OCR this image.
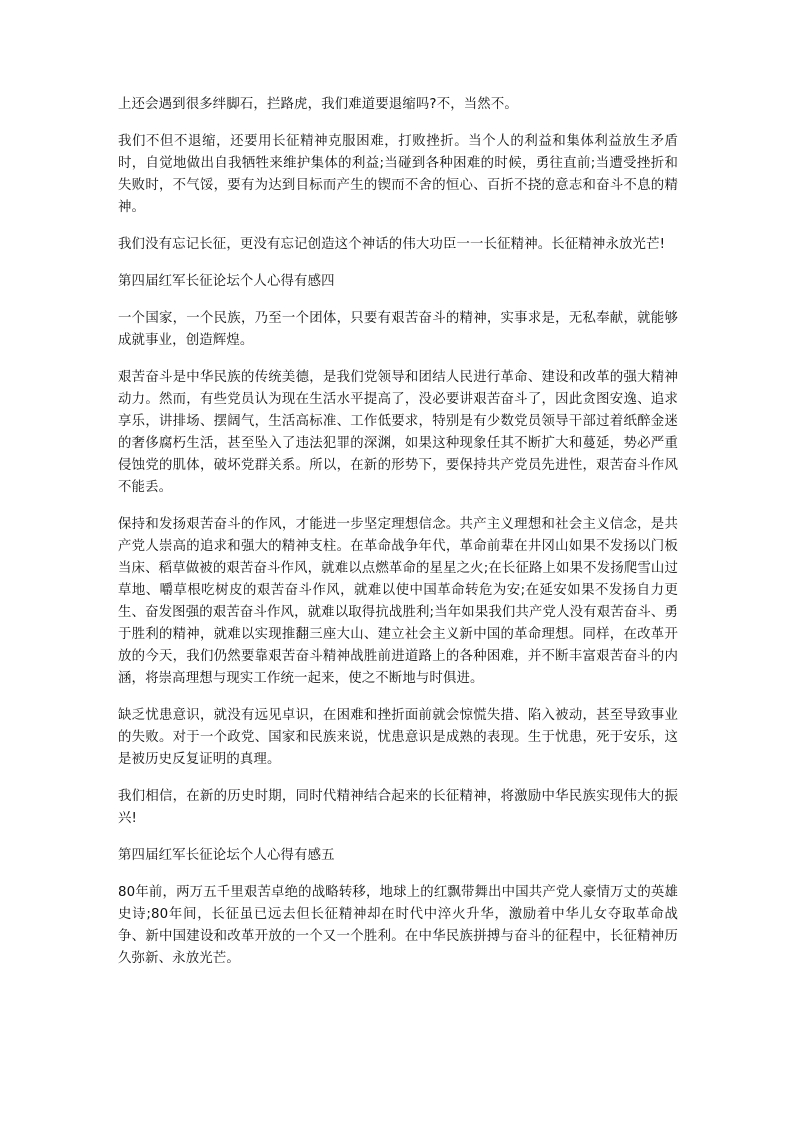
上还会遇到很多绊脚石，拦路虎，我们难道要退缩吗?不，当然不。

我们不但不退缩，还要用长征精神克服困难，打败挫折。当个人的利益和集体利益放生矛盾时，自觉地做出自我牺牲来维护集体的利益;当碰到各种困难的时候，勇往直前;当遭受挫折和失败时，不气馁，要有为达到目标而产生的锲而不舍的恒心、百折不挠的意志和奋斗不息的精神。

我们没有忘记长征，更没有忘记创造这个神话的伟大功臣一一长征精神。长征精神永放光芒!

第四届红军长征论坛个人心得有感四

一个国家，一个民族，乃至一个团体，只要有艰苦奋斗的精神，实事求是，无私奉献，就能够成就事业，创造辉煌。

艰苦奋斗是中华民族的传统美德，是我们党领导和团结人民进行革命、建设和改革的强大精神动力。然而，有些党员认为现在生活水平提高了，没必要讲艰苦奋斗了，因此贪图安逸、追求享乐，讲排场、摆阔气，生活高标准、工作低要求，特别是有少数党员领导干部过着纸醉金迷的奢侈腐朽生活，甚至坠入了违法犯罪的深渊，如果这种现象任其不断扩大和蔓延，势必严重侵蚀党的肌体，破坏党群关系。所以，在新的形势下，要保持共产党员先进性，艰苦奋斗作风不能丢。

保持和发扬艰苦奋斗的作风，才能进一步坚定理想信念。共产主义理想和社会主义信念，是共产党人崇高的追求和强大的精神支柱。在革命战争年代，革命前辈在井冈山如果不发扬以门板当床、稻草做被的艰苦奋斗作风，就难以点燃革命的星星之火;在长征路上如果不发扬爬雪山过草地、嚼草根吃树皮的艰苦奋斗作风，就难以使中国革命转危为安;在延安如果不发扬自力更生、奋发图强的艰苦奋斗作风，就难以取得抗战胜利;当年如果我们共产党人没有艰苦奋斗、勇于胜利的精神，就难以实现推翻三座大山、建立社会主义新中国的革命理想。同样，在改革开放的今天，我们仍然要靠艰苦奋斗精神战胜前进道路上的各种困难，并不断丰富艰苦奋斗的内涵，将崇高理想与现实工作统一起来，使之不断地与时俱进。

缺乏忧患意识，就没有远见卓识，在困难和挫折面前就会惊慌失措、陷入被动，甚至导致事业的失败。对于一个政党、国家和民族来说，忧患意识是成熟的表现。生于忧患，死于安乐，这是被历史反复证明的真理。

我们相信，在新的历史时期，同时代精神结合起来的长征精神，将激励中华民族实现伟大的振兴!

第四届红军长征论坛个人心得有感五

80年前，两万五千里艰苦卓绝的战略转移，地球上的红飘带舞出中国共产党人豪情万丈的英雄史诗;80年间，长征虽已远去但长征精神却在时代中淬火升华，激励着中华儿女夺取革命战争、新中国建设和改革开放的一个又一个胜利。在中华民族拼搏与奋斗的征程中，长征精神历久弥新、永放光芒。
